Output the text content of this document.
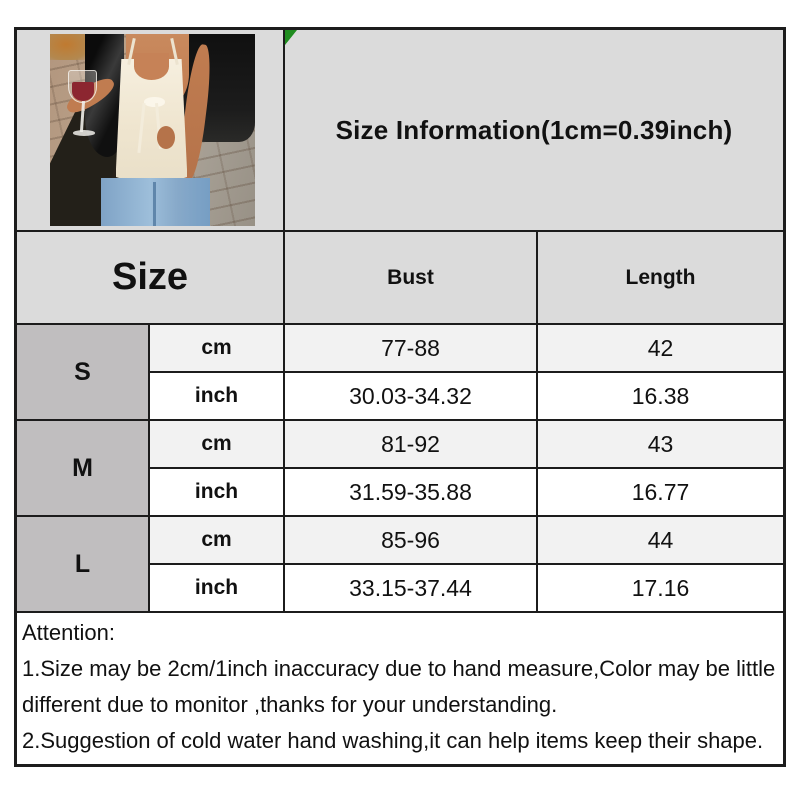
Size Information(1cm=0.39inch)
Size	Bust	Length
S
cm	77-88	42
inch	30.03-34.32	16.38
M
cm	81-92	43
inch	31.59-35.88	16.77
L
cm	85-96	44
inch	33.15-37.44	17.16
Attention:
1.Size may be 2cm/1inch inaccuracy due to hand measure,Color may be little
different due to monitor ,thanks for your understanding.
2.Suggestion of cold water hand washing,it can help items keep their shape.
